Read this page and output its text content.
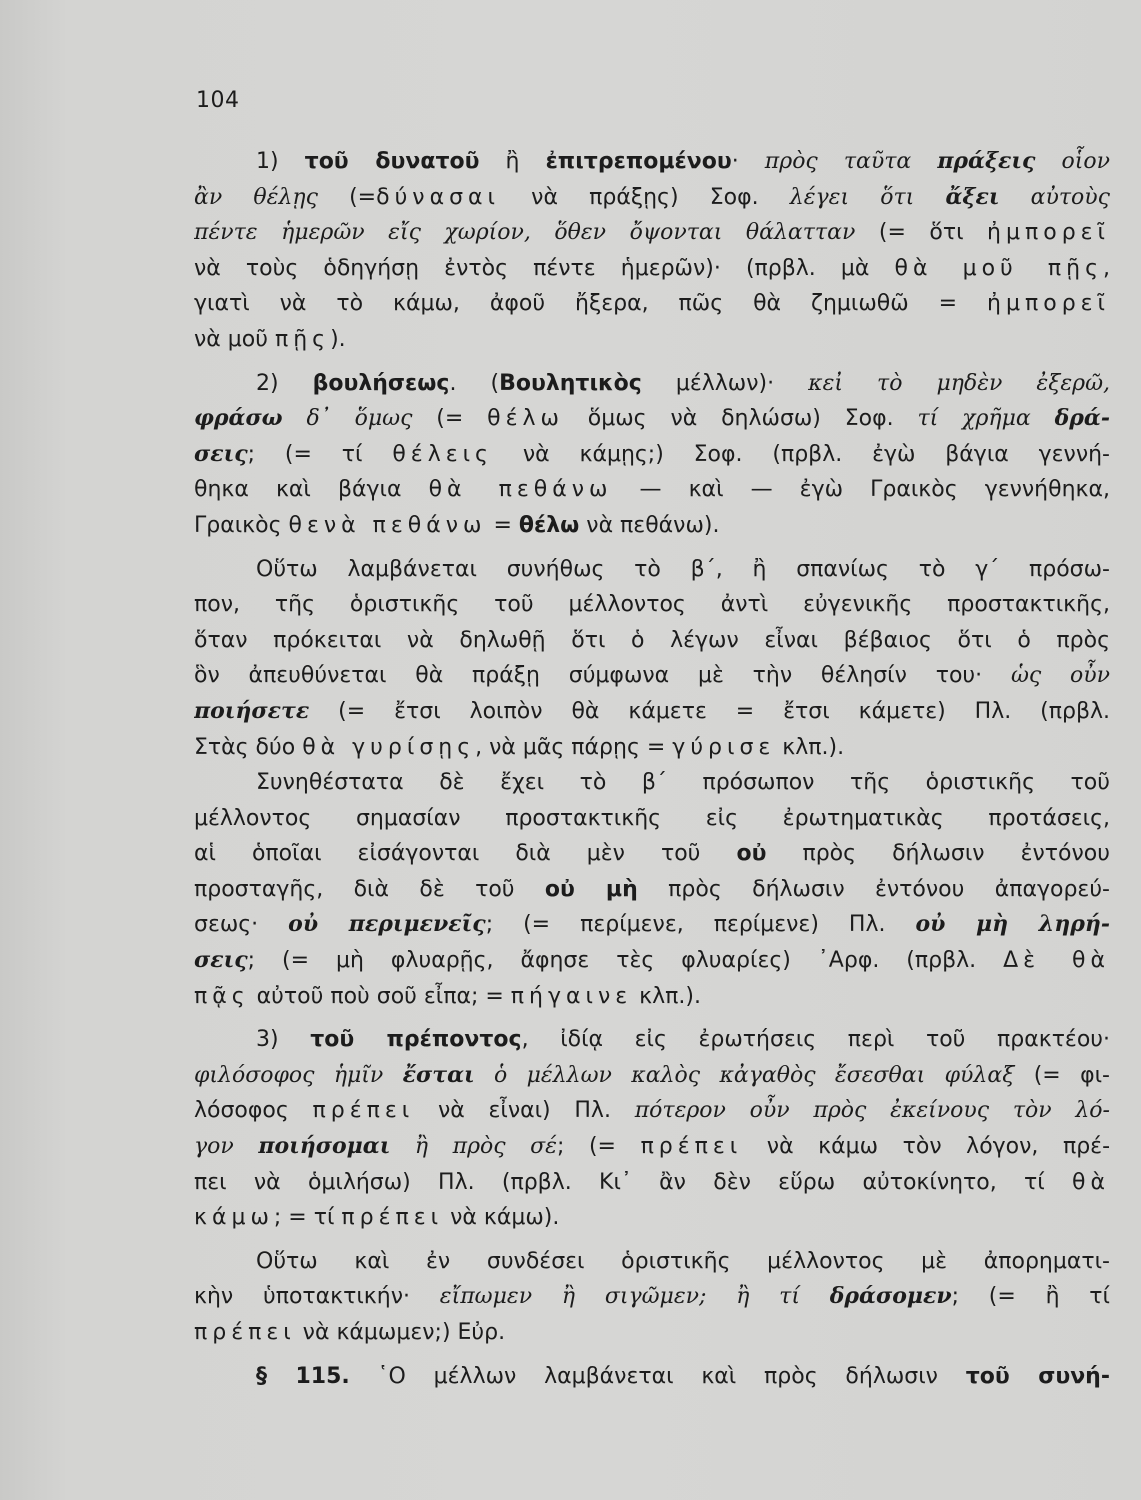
104
1) τοῦ δυνατοῦ ἢ ἐπιτρεπομένου· πρὸς ταῦτα πράξεις οἷον
ἂν θέλῃς (=δύνασαι νὰ πράξῃς) Σοφ. λέγει ὅτι ἄξει αὐτοὺς
πέντε ἡμερῶν εἴς χωρίον, ὅθεν ὄψονται θάλατταν (= ὅτι ἠμπορεῖ
νὰ τοὺς ὁδηγήσῃ ἐντὸς πέντε ἡμερῶν)· (πρβλ. μὰ θὰ μοῦ πῇς,
γιατὶ νὰ τὸ κάμω, ἀφοῦ ἤξερα, πῶς θὰ ζημιωθῶ = ἠμπορεῖ
νὰ μοῦ πῇς).
2) βουλήσεως. (Βουλητικὸς μέλλων)· κεἰ τὸ μηδὲν ἐξερῶ,
φράσω δ᾽ ὅμως (= θέλω ὅμως νὰ δηλώσω) Σοφ. τί χρῆμα δρά-
σεις; (= τί θέλεις νὰ κάμῃς;) Σοφ. (πρβλ. ἐγὼ βάγια γεννή-
θηκα καὶ βάγια θὰ πεθάνω — καὶ — ἐγὼ Γραικὸς γεννήθηκα,
Γραικὸς θενὰ πεθάνω = θέλω νὰ πεθάνω).
Οὕτω λαμβάνεται συνήθως τὸ β΄, ἢ σπανίως τὸ γ΄ πρόσω-
πον, τῆς ὁριστικῆς τοῦ μέλλοντος ἀντὶ εὐγενικῆς προστακτικῆς,
ὅταν πρόκειται νὰ δηλωθῇ ὅτι ὁ λέγων εἶναι βέβαιος ὅτι ὁ πρὸς
ὃν ἀπευθύνεται θὰ πράξῃ σύμφωνα μὲ τὴν θέλησίν του· ὡς οὖν
ποιήσετε (= ἔτσι λοιπὸν θὰ κάμετε = ἔτσι κάμετε) Πλ. (πρβλ.
Στὰς δύο θὰ γυρίσῃς, νὰ μᾶς πάρῃς = γύρισε κλπ.).
Συνηθέστατα δὲ ἔχει τὸ β΄ πρόσωπον τῆς ὁριστικῆς τοῦ
μέλλοντος σημασίαν προστακτικῆς εἰς ἐρωτηματικὰς προτάσεις,
αἱ ὁποῖαι εἰσάγονται διὰ μὲν τοῦ οὐ πρὸς δήλωσιν ἐντόνου
προσταγῆς, διὰ δὲ τοῦ οὐ μὴ πρὸς δήλωσιν ἐντόνου ἀπαγορεύ-
σεως· οὐ περιμενεῖς; (= περίμενε, περίμενε) Πλ. οὐ μὴ ληρή-
σεις; (= μὴ φλυαρῇς, ἄφησε τὲς φλυαρίες) ᾿Αρφ. (πρβλ. Δὲ θὰ
πᾷς αὐτοῦ ποὺ σοῦ εἶπα; = πήγαινε κλπ.).
3) τοῦ πρέποντος, ἰδίᾳ εἰς ἐρωτήσεις περὶ τοῦ πρακτέου·
φιλόσοφος ἡμῖν ἔσται ὁ μέλλων καλὸς κἀγαθὸς ἔσεσθαι φύλαξ (= φι-
λόσοφος πρέπει νὰ εἶναι) Πλ. πότερον οὖν πρὸς ἐκείνους τὸν λό-
γον ποιήσομαι ἢ πρὸς σέ; (= πρέπει νὰ κάμω τὸν λόγον, πρέ-
πει νὰ ὁμιλήσω) Πλ. (πρβλ. Κι᾽ ἂν δὲν εὕρω αὐτοκίνητο, τί θὰ
κάμω; = τί πρέπει νὰ κάμω).
Οὕτω καὶ ἐν συνδέσει ὁριστικῆς μέλλοντος μὲ ἀπορηματι-
κὴν ὑποτακτικήν· εἴπωμεν ἢ σιγῶμεν; ἢ τί δράσομεν; (= ἢ τί
πρέπει νὰ κάμωμεν;) Εὐρ.
§ 115. ῾Ο μέλλων λαμβάνεται καὶ πρὸς δήλωσιν τοῦ συνή-
